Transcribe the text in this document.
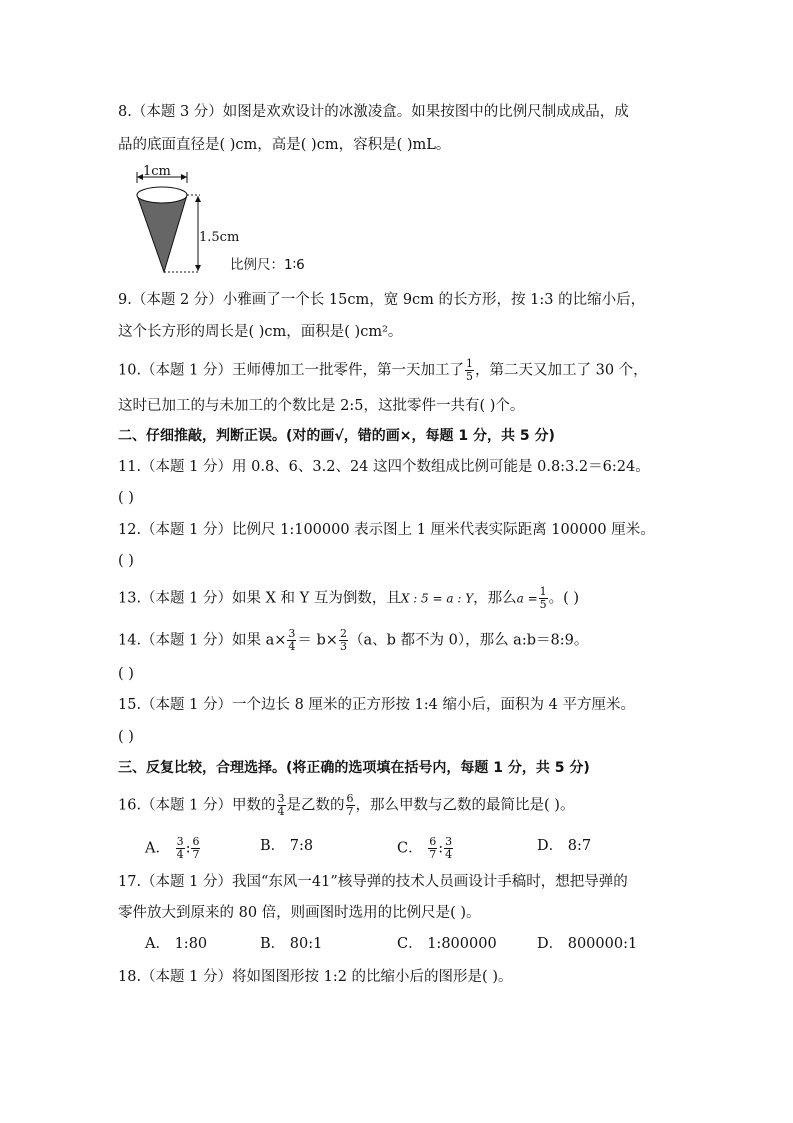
8.（本题 3 分）如图是欢欢设计的冰激凌盒。如果按图中的比例尺制成成品，成
品的底面直径是( )cm，高是( )cm，容积是( )mL。
1cm
1.5cm
比例尺：1∶6
9.（本题 2 分）小雅画了一个长 15cm，宽 9cm 的长方形，按 1:3 的比缩小后，
这个长方形的周长是( )cm，面积是( )cm²。
10.（本题 1 分）王师傅加工一批零件，第一天加工了 $\frac{1}{5}$ ，第二天又加工了 30 个，
这时已加工的与未加工的个数比是 2:5，这批零件一共有( )个。
二、仔细推敲，判断正误。(对的画√，错的画×，每题 1 分，共 5 分)
11.（本题 1 分）用 0.8、6、3.2、24 这四个数组成比例可能是 0.8:3.2＝6:24。
( )
12.（本题 1 分）比例尺 1:100000 表示图上 1 厘米代表实际距离 100000 厘米。
( )
13.（本题 1 分）如果 X 和 Y 互为倒数，且X : 5 = a : Y，那么$a = \frac{1}{5}$ 。( )
14.（本题 1 分）如果 $a\times \frac{3}{4} = b\times \frac{2}{3} (a$、b 都不为 0），那么 a:b＝8:9。
( )
15.（本题 1 分）一个边长 8 厘米的正方形按 1:4 缩小后，面积为 4 平方厘米。
( )
三、反复比较，合理选择。(将正确的选项填在括号内，每题 1 分，共 5 分)
16.（本题 1 分）甲数的 $\frac{3}{4}$ 是乙数的 $\frac{6}{7}$ ，那么甲数与乙数的最简比是( )。
A． $\frac{3}{4}$ : $\frac{6}{7}$	B． 7:8	C． $\frac{6}{7}$ : $\frac{3}{4}$	D． 8:7
17.（本题 1 分）我国“东风一41”核导弹的技术人员画设计手稿时，想把导弹的
零件放大到原来的 80 倍，则画图时选用的比例尺是( )。
A． 1:80	B． 80:1	C． 1:800000	D． 800000:1
18.（本题 1 分）将如图图形按 1:2 的比缩小后的图形是( )。
